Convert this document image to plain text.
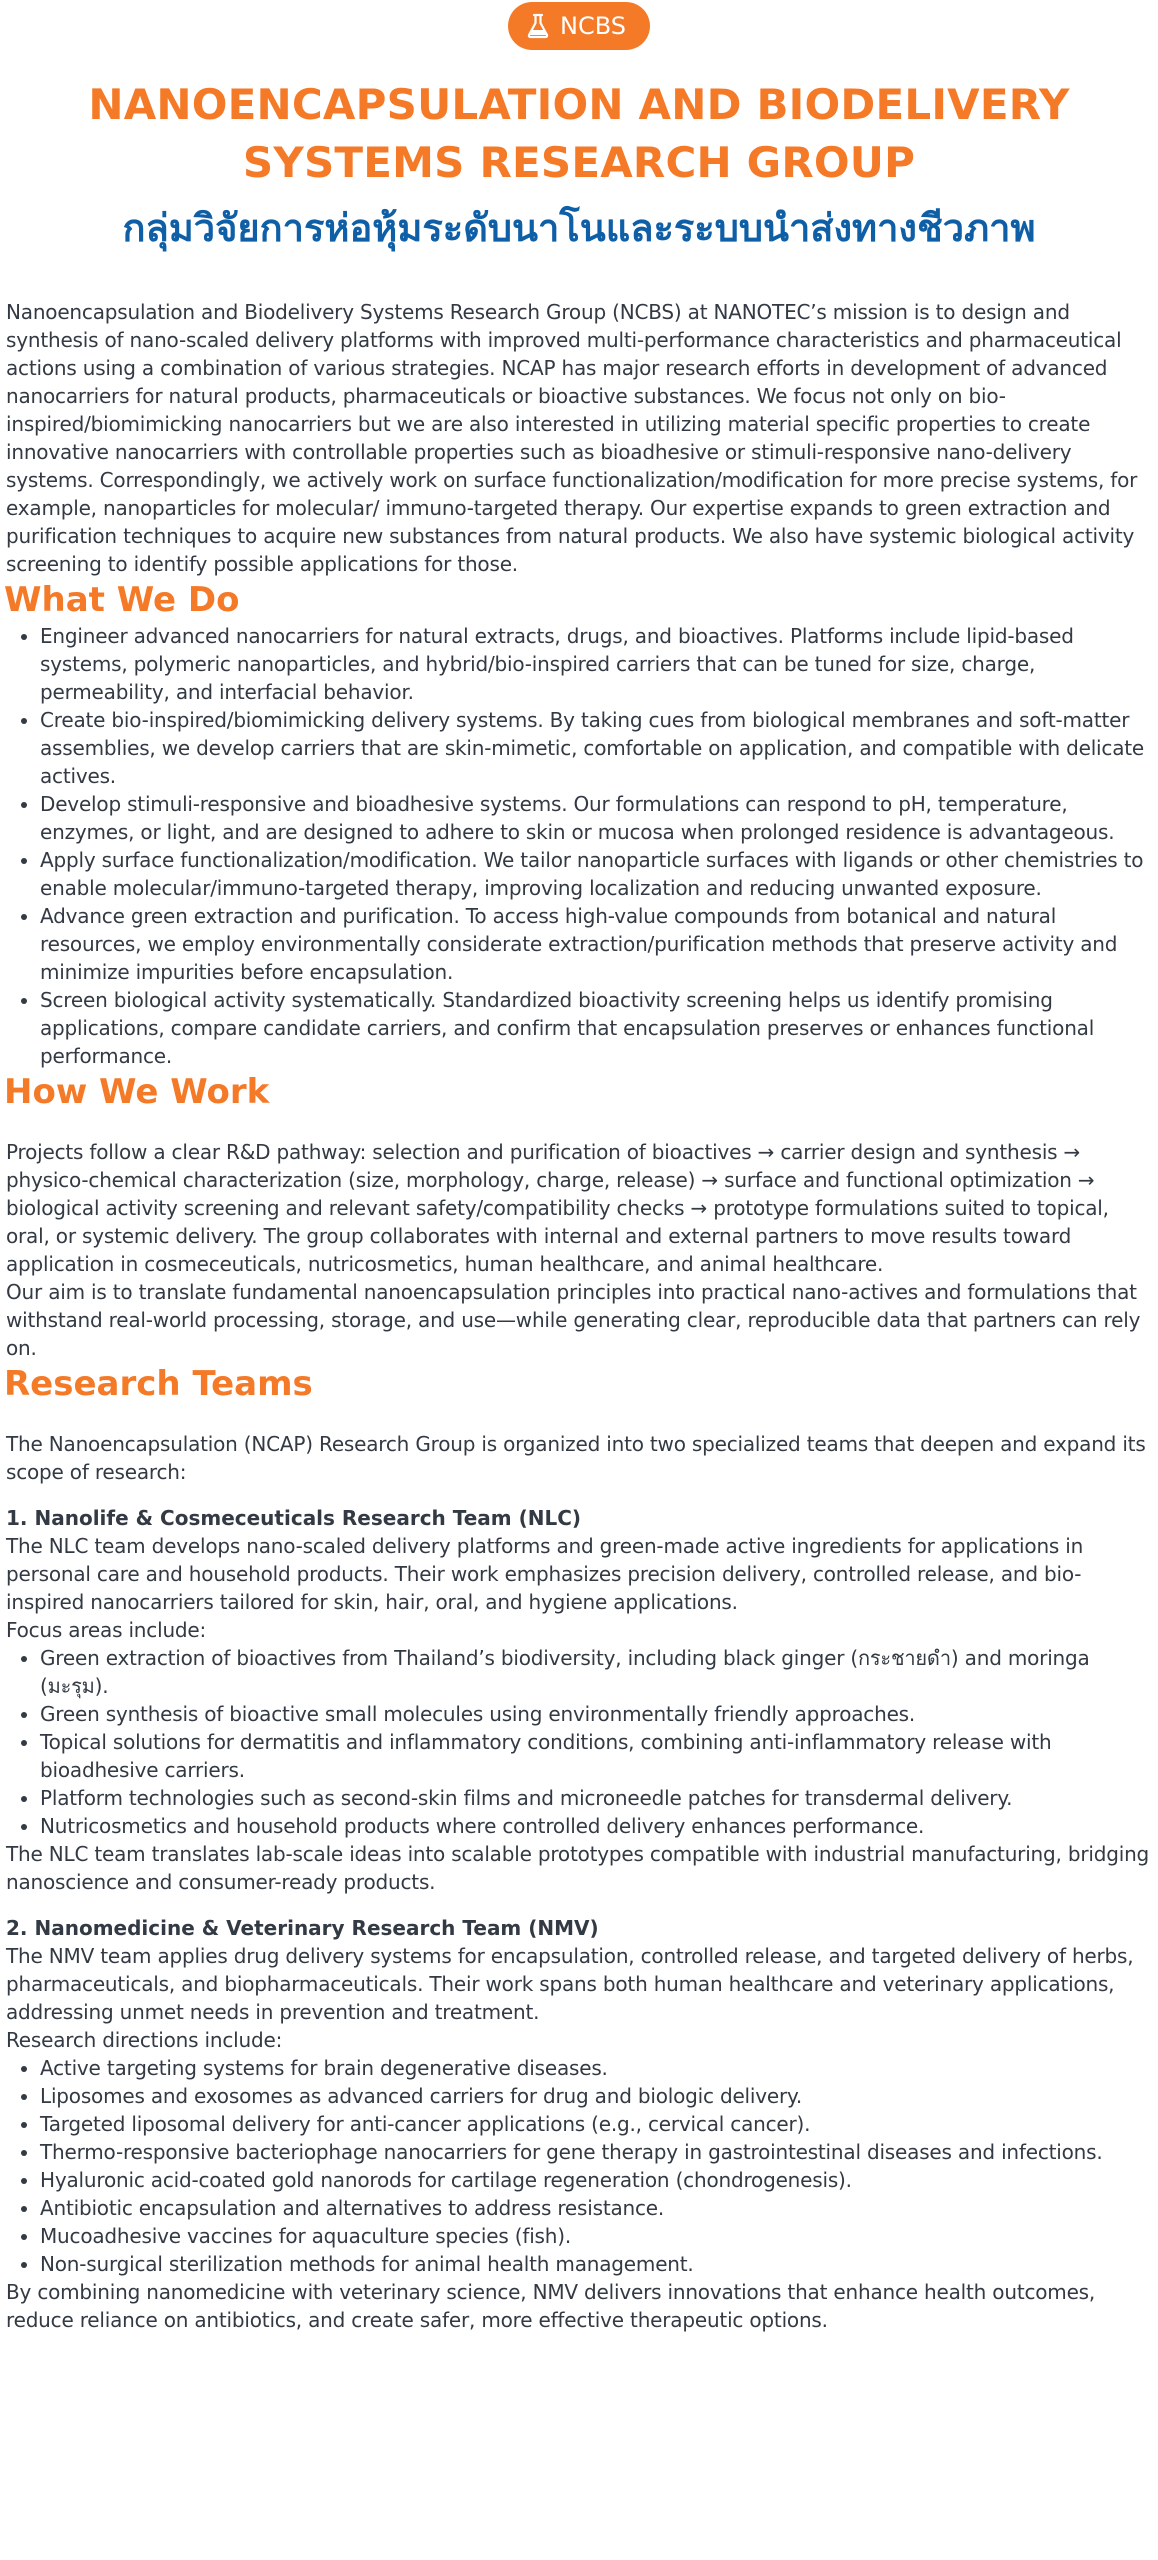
NCBS
NANOENCAPSULATION AND BIODELIVERY SYSTEMS RESEARCH GROUP
กลุ่มวิจัยการห่อหุ้มระดับนาโนและระบบนำส่งทางชีวภาพ

Nanoencapsulation and Biodelivery Systems Research Group (NCBS) at NANOTEC’s mission is to design and synthesis of nano-scaled delivery platforms with improved multi-performance characteristics and pharmaceutical actions using a combination of various strategies. NCAP has major research efforts in development of advanced nanocarriers for natural products, pharmaceuticals or bioactive substances. We focus not only on bio-inspired/biomimicking nanocarriers but we are also interested in utilizing material specific properties to create innovative nanocarriers with controllable properties such as bioadhesive or stimuli-responsive nano-delivery systems. Correspondingly, we actively work on surface functionalization/modification for more precise systems, for example, nanoparticles for molecular/ immuno-targeted therapy. Our expertise expands to green extraction and purification techniques to acquire new substances from natural products. We also have systemic biological activity screening to identify possible applications for those.

What We Do
• Engineer advanced nanocarriers for natural extracts, drugs, and bioactives. Platforms include lipid-based systems, polymeric nanoparticles, and hybrid/bio-inspired carriers that can be tuned for size, charge, permeability, and interfacial behavior.
• Create bio-inspired/biomimicking delivery systems. By taking cues from biological membranes and soft-matter assemblies, we develop carriers that are skin-mimetic, comfortable on application, and compatible with delicate actives.
• Develop stimuli-responsive and bioadhesive systems. Our formulations can respond to pH, temperature, enzymes, or light, and are designed to adhere to skin or mucosa when prolonged residence is advantageous.
• Apply surface functionalization/modification. We tailor nanoparticle surfaces with ligands or other chemistries to enable molecular/immuno-targeted therapy, improving localization and reducing unwanted exposure.
• Advance green extraction and purification. To access high-value compounds from botanical and natural resources, we employ environmentally considerate extraction/purification methods that preserve activity and minimize impurities before encapsulation.
• Screen biological activity systematically. Standardized bioactivity screening helps us identify promising applications, compare candidate carriers, and confirm that encapsulation preserves or enhances functional performance.
How We Work

Projects follow a clear R&D pathway: selection and purification of bioactives → carrier design and synthesis → physico-chemical characterization (size, morphology, charge, release) → surface and functional optimization → biological activity screening and relevant safety/compatibility checks → prototype formulations suited to topical, oral, or systemic delivery. The group collaborates with internal and external partners to move results toward application in cosmeceuticals, nutricosmetics, human healthcare, and animal healthcare.

Our aim is to translate fundamental nanoencapsulation principles into practical nano-actives and formulations that withstand real-world processing, storage, and use—while generating clear, reproducible data that partners can rely on.

Research Teams

The Nanoencapsulation (NCAP) Research Group is organized into two specialized teams that deepen and expand its scope of research:

1. Nanolife & Cosmeceuticals Research Team (NLC)

The NLC team develops nano-scaled delivery platforms and green-made active ingredients for applications in personal care and household products. Their work emphasizes precision delivery, controlled release, and bio-inspired nanocarriers tailored for skin, hair, oral, and hygiene applications.

Focus areas include:

• Green extraction of bioactives from Thailand’s biodiversity, including black ginger (กระชายดำ) and moringa (มะรุม).
• Green synthesis of bioactive small molecules using environmentally friendly approaches.
• Topical solutions for dermatitis and inflammatory conditions, combining anti-inflammatory release with bioadhesive carriers.
• Platform technologies such as second-skin films and microneedle patches for transdermal delivery.
• Nutricosmetics and household products where controlled delivery enhances performance.

The NLC team translates lab-scale ideas into scalable prototypes compatible with industrial manufacturing, bridging nanoscience and consumer-ready products.

2. Nanomedicine & Veterinary Research Team (NMV)

The NMV team applies drug delivery systems for encapsulation, controlled release, and targeted delivery of herbs, pharmaceuticals, and biopharmaceuticals. Their work spans both human healthcare and veterinary applications, addressing unmet needs in prevention and treatment.

Research directions include:

• Active targeting systems for brain degenerative diseases.
• Liposomes and exosomes as advanced carriers for drug and biologic delivery.
• Targeted liposomal delivery for anti-cancer applications (e.g., cervical cancer).
• Thermo-responsive bacteriophage nanocarriers for gene therapy in gastrointestinal diseases and infections.
• Hyaluronic acid-coated gold nanorods for cartilage regeneration (chondrogenesis).
• Antibiotic encapsulation and alternatives to address resistance.
• Mucoadhesive vaccines for aquaculture species (fish).
• Non-surgical sterilization methods for animal health management.

By combining nanomedicine with veterinary science, NMV delivers innovations that enhance health outcomes, reduce reliance on antibiotics, and create safer, more effective therapeutic options.
